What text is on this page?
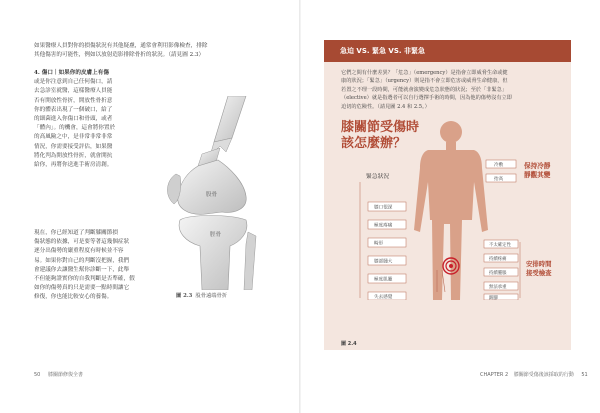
如果醫療人員對你的損傷狀況有其他疑慮，通常會利用影像檢查，排除
其他傷害的可能性，例如以放射造影排除骨折的狀況。（請見圖 2.3）
4. 傷口｜如果你的皮膚上有傷
或是你注意到自己任何傷口，請
去急診室就醫，這樣醫療人員能
否有開放性骨折，開放性骨折意
你的體表出現了一個破口，給了
的細菌進入你傷口和骨頭，或者
「體內」。的機會，這會將你置於
的高風險之中，是非常非常非常
情況，你需要接受評估，如果醫
將化判為開放性骨折，就會開抗
給你，再將你送進手術房清創。
股骨
脛骨
圖 2.3 股骨遠端骨折
現在，你已經知道了判斷膝關節損
傷狀態的依據，可是要等著這幾個症狀
逐分出傷勢的嚴重程度有時候並不容
易。如果你對自己的判斷沒把握，我們
會建議你去讓醫生幫你診斷一下，此舉
不但能夠證實你的自我判斷是否準確，假
如你的傷勢真的只是需要一點時間讓它
修復，你也能比較安心的養傷。
50 膝關節修復全書
急迫 VS. 緊急 VS. 非緊急
它們之間有什麼差異？「危急」（emergency）是指會立即威脅生命或健
康的狀況；「緊急」（urgency）則是指不會立即危害或威脅生命健康，但
若置之不理一段時間，可能就會演變成危急狀態的狀況；至於「非緊急」
（elective）就是指選者可以自行選擇手術的時間，因為他的傷勢沒有立即
迫切的危險性。（請見圖 2.4 和 2.5。）
膝關節受傷時
該怎麼辦？
圖 2.4
緊急狀況
膝口很深
極度疼痛
畸形
膝部腫大
極度肌腫
失去感覺
冷敷
抬高
保持冷靜
靜觀其變
不太確定性
持續疼痛
持續腫脹
無法承重
跛腳
安排時間
接受檢查
CHAPTER 2 膝關節受傷後該採取的行動 51
